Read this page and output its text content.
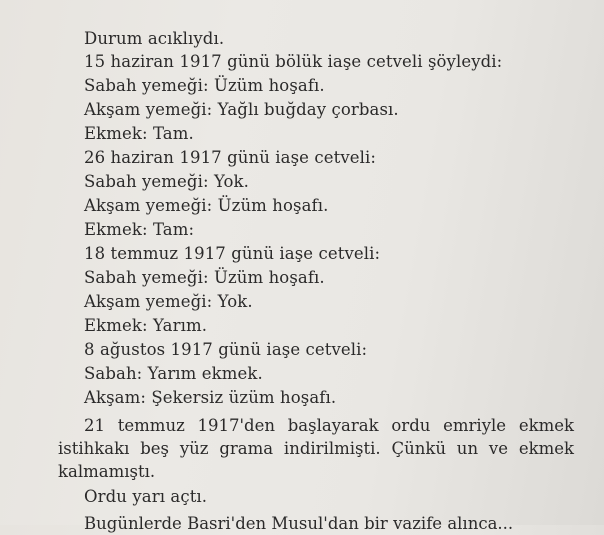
Durum acıklıydı.

15 haziran 1917 günü bölük iaşe cetveli şöyleydi:

Sabah yemeği: Üzüm hoşafı.

Akşam yemeği: Yağlı buğday çorbası.

Ekmek: Tam.

26 haziran 1917 günü iaşe cetveli:

Sabah yemeği: Yok.

Akşam yemeği: Üzüm hoşafı.

Ekmek: Tam:

18 temmuz 1917 günü iaşe cetveli:

Sabah yemeği: Üzüm hoşafı.

Akşam yemeği: Yok.

Ekmek: Yarım.

8 ağustos 1917 günü iaşe cetveli:

Sabah: Yarım ekmek.

Akşam: Şekersiz üzüm hoşafı.

21 temmuz 1917'den başlayarak ordu emriyle ekmek
istihkakı beş yüz grama indirilmişti. Çünkü un ve ekmek
kalmamıştı.

Ordu yarı açtı.

Bugünlerde Basri'den Musul'dan bir vazife alınca...
